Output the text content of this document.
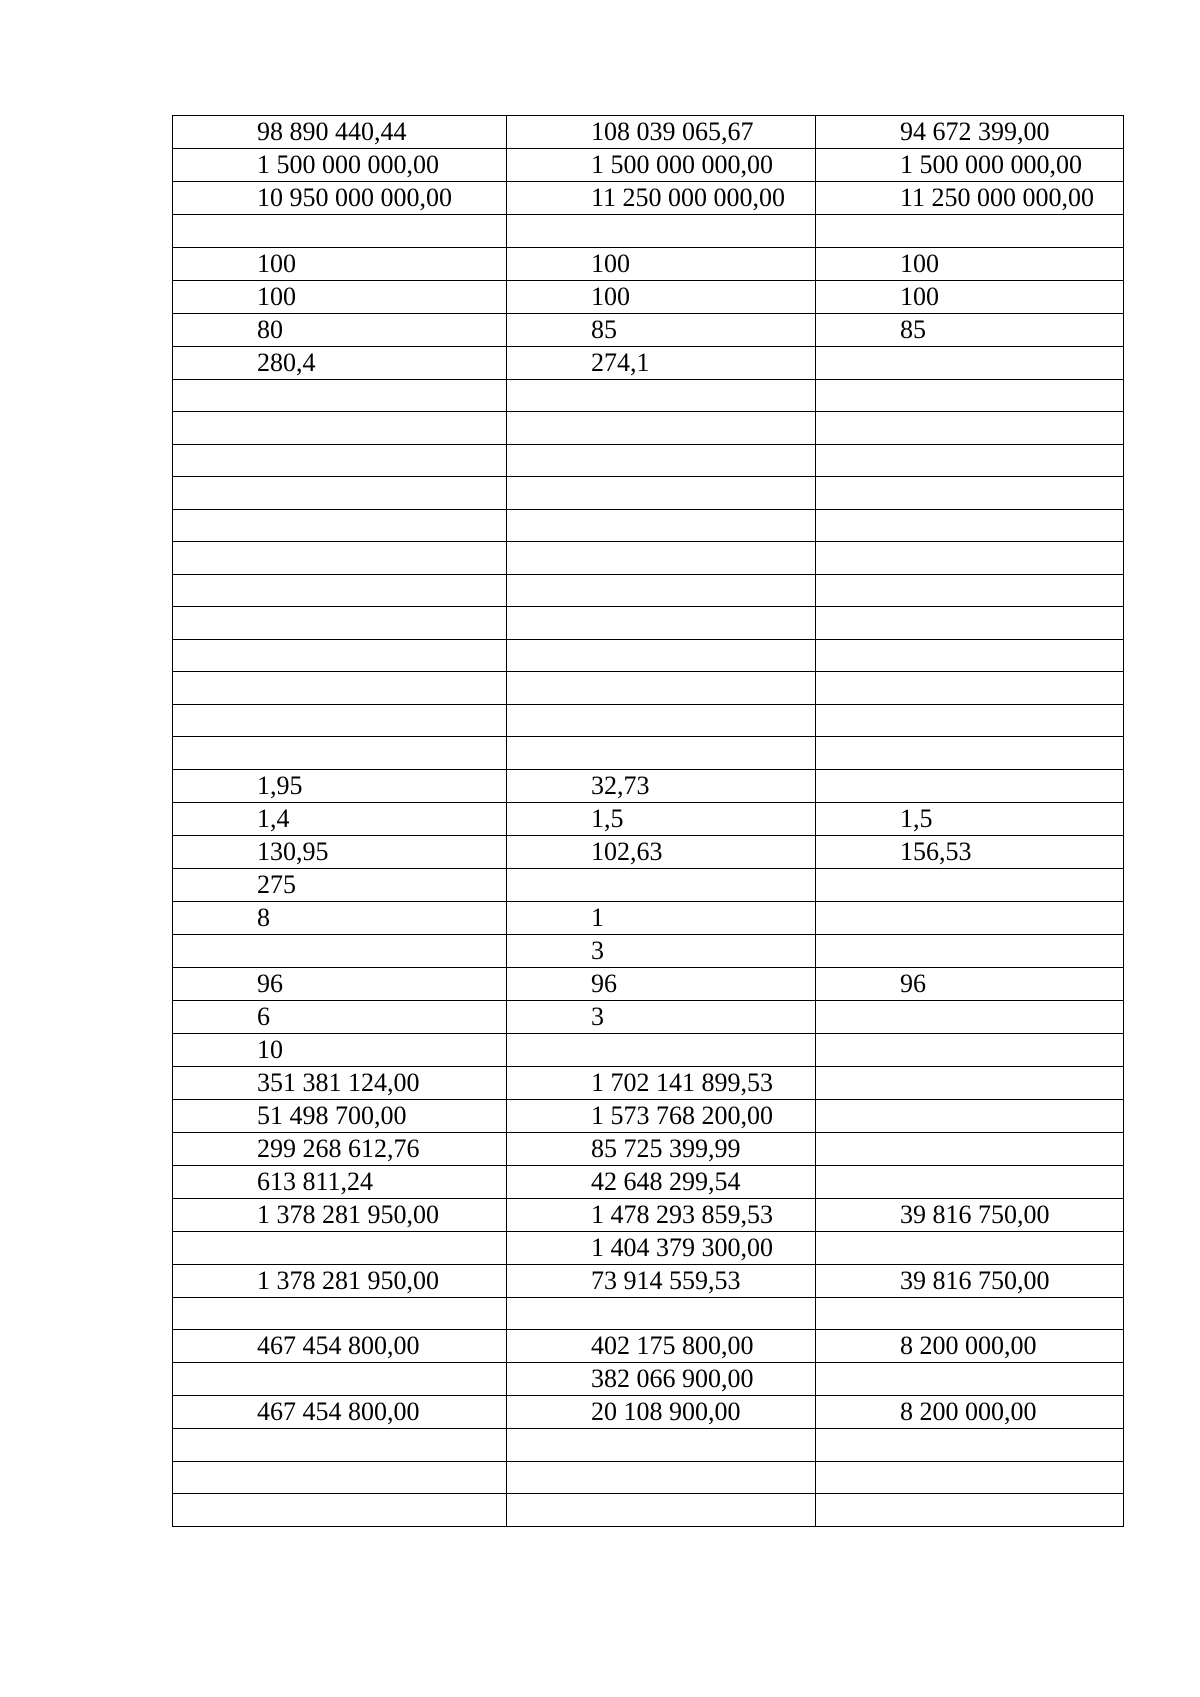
98 890 440,44	108 039 065,67	94 672 399,00
1 500 000 000,00	1 500 000 000,00	1 500 000 000,00
10 950 000 000,00	11 250 000 000,00	11 250 000 000,00

100	100	100
100	100	100
80	85	85
280,4	274,1	

1,95	32,73	
1,4	1,5	1,5
130,95	102,63	156,53
275		
8	1	
	3	
96	96	96
6	3	
10		
351 381 124,00	1 702 141 899,53	
51 498 700,00	1 573 768 200,00	
299 268 612,76	85 725 399,99	
613 811,24	42 648 299,54	
1 378 281 950,00	1 478 293 859,53	39 816 750,00
	1 404 379 300,00	
1 378 281 950,00	73 914 559,53	39 816 750,00

467 454 800,00	402 175 800,00	8 200 000,00
	382 066 900,00	
467 454 800,00	20 108 900,00	8 200 000,00
